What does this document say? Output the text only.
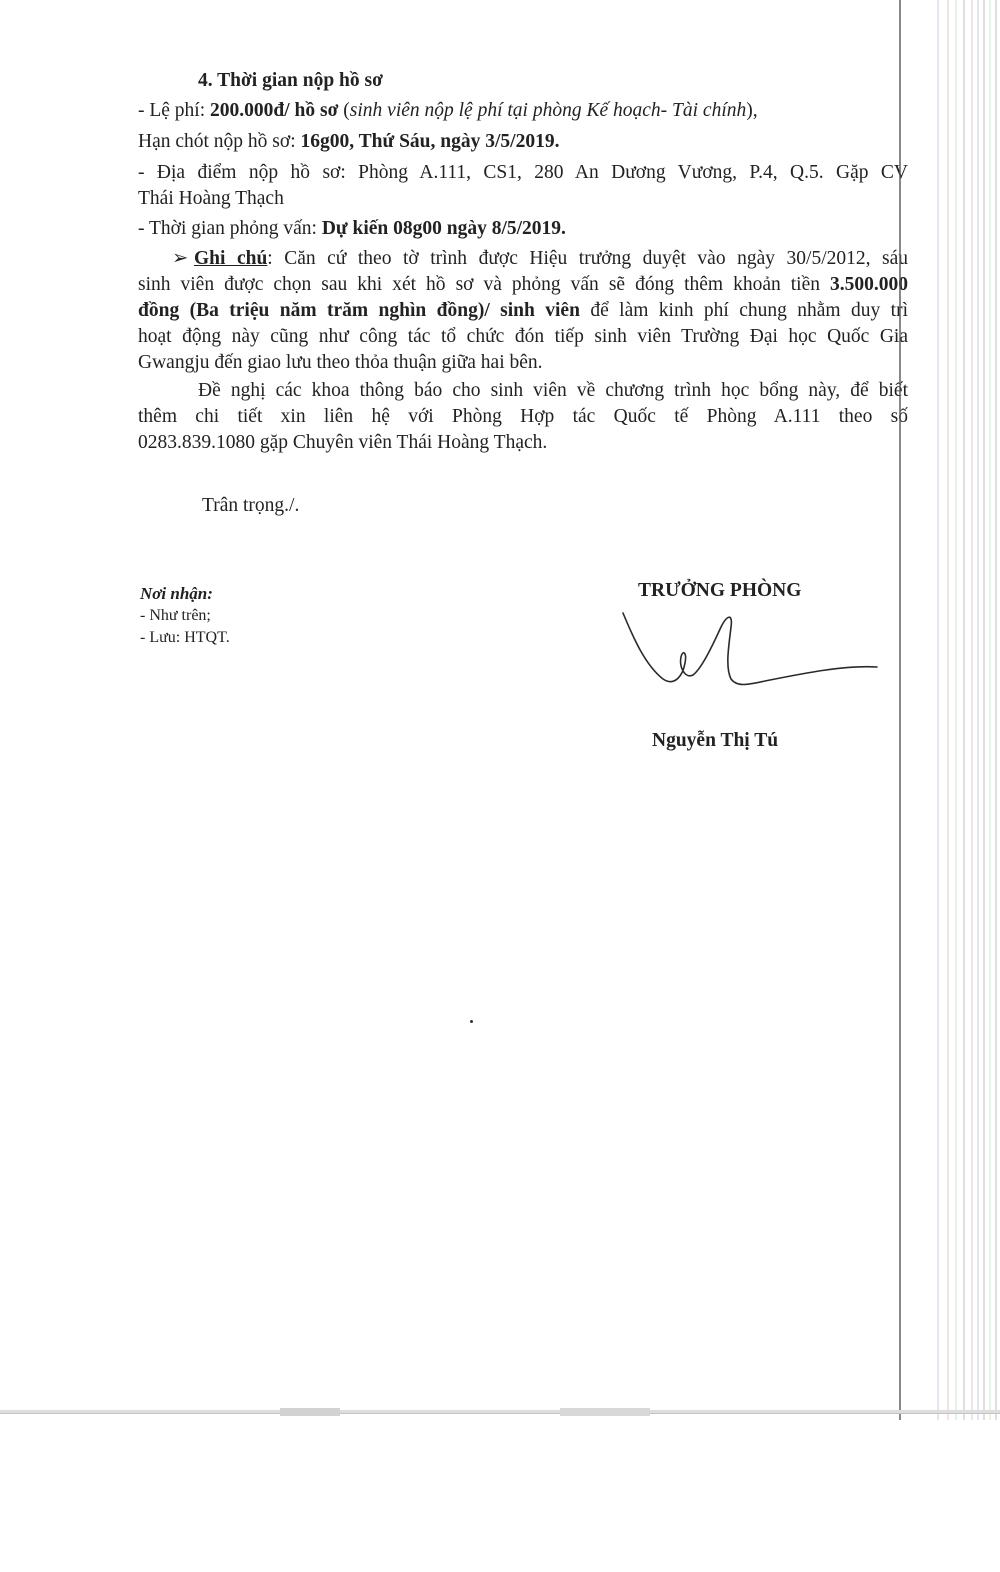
4. Thời gian nộp hồ sơ
- Lệ phí: 200.000đ/ hồ sơ (sinh viên nộp lệ phí tại phòng Kế hoạch- Tài chính),
Hạn chót nộp hồ sơ: 16g00, Thứ Sáu, ngày 3/5/2019.
- Địa điểm nộp hồ sơ: Phòng A.111, CS1, 280 An Dương Vương, P.4, Q.5. Gặp CV
Thái Hoàng Thạch
- Thời gian phỏng vấn: Dự kiến 08g00 ngày 8/5/2019.
➢ Ghi chú: Căn cứ theo tờ trình được Hiệu trưởng duyệt vào ngày 30/5/2012, sáu
sinh viên được chọn sau khi xét hồ sơ và phỏng vấn sẽ đóng thêm khoản tiền 3.500.000
đồng (Ba triệu năm trăm nghìn đồng)/ sinh viên để làm kinh phí chung nhằm duy trì
hoạt động này cũng như công tác tổ chức đón tiếp sinh viên Trường Đại học Quốc Gia
Gwangju đến giao lưu theo thỏa thuận giữa hai bên.
Đề nghị các khoa thông báo cho sinh viên về chương trình học bổng này, để biết
thêm chi tiết xin liên hệ với Phòng Hợp tác Quốc tế Phòng A.111 theo số
0283.839.1080 gặp Chuyên viên Thái Hoàng Thạch.
Trân trọng./.
Nơi nhận:
- Như trên;
- Lưu: HTQT.
TRƯỞNG PHÒNG
Nguyễn Thị Tú
